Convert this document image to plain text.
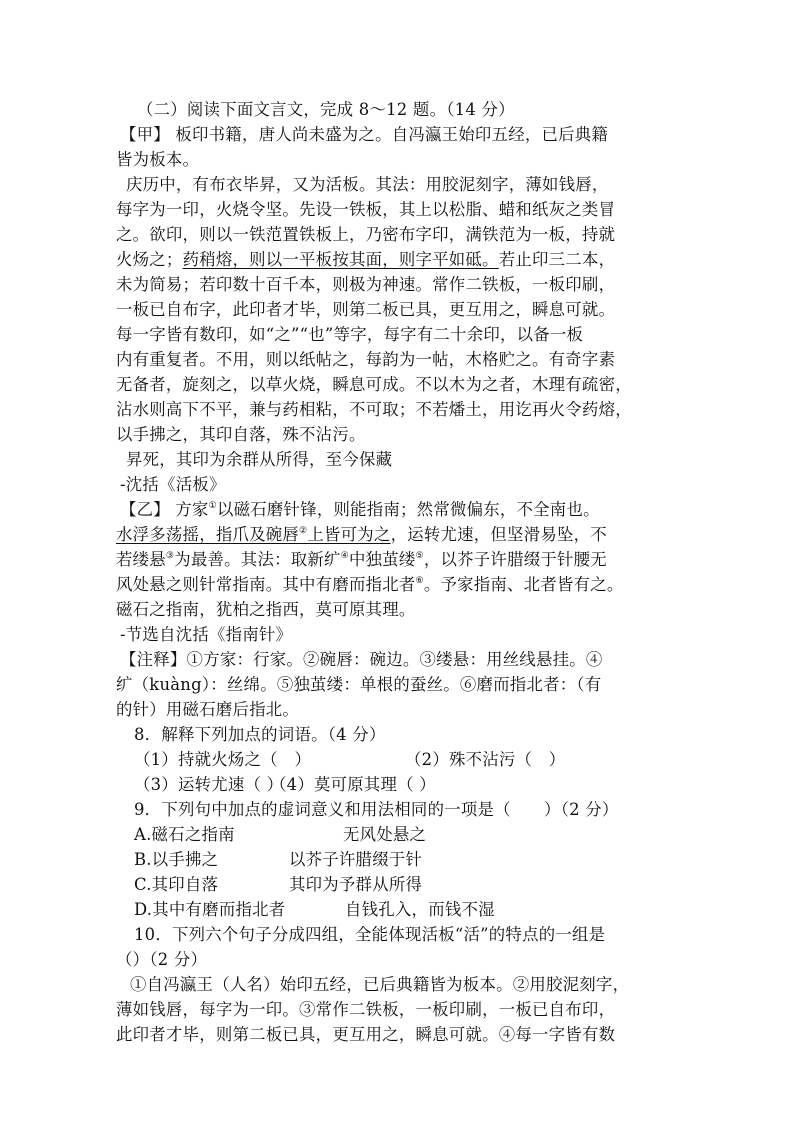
（二）阅读下面文言文，完成 8～12 题。（14 分）
【甲】 板印书籍，唐人尚未盛为之。自冯瀛王始印五经，已后典籍
皆为板本。
庆历中，有布衣毕昇，又为活板。其法：用胶泥刻字，薄如钱唇，
每字为一印，火烧令坚。先设一铁板，其上以松脂、蜡和纸灰之类冒
之。欲印，则以一铁范置铁板上，乃密布字印，满铁范为一板，持就
火炀之；药稍熔，则以一平板按其面，则字平如砥。若止印三二本，
未为简易；若印数十百千本，则极为神速。常作二铁板，一板印刷，
一板已自布字，此印者才毕，则第二板已具，更互用之，瞬息可就。
每一字皆有数印，如“之”“也”等字，每字有二十余印，以备一板
内有重复者。不用，则以纸帖之，每韵为一帖，木格贮之。有奇字素
无备者，旋刻之，以草火烧，瞬息可成。不以木为之者，木理有疏密，
沾水则高下不平，兼与药相粘，不可取；不若燔土，用讫再火令药熔，
以手拂之，其印自落，殊不沾污。
昇死，其印为余群从所得，至今保藏
-沈括《活板》
【乙】 方家①以磁石磨针锋，则能指南；然常微偏东，不全南也。
水浮多荡摇，指爪及碗唇②上皆可为之，运转尤速，但坚滑易坠，不
若缕悬③为最善。其法：取新纩④中独茧缕⑤，以芥子许腊缀于针腰无
风处悬之则针常指南。其中有磨而指北者⑥。予家指南、北者皆有之。
磁石之指南，犹柏之指西，莫可原其理。
-节选自沈括《指南针》
【注释】①方家：行家。②碗唇：碗边。③缕悬：用丝线悬挂。④
纩（kuàng）：丝绵。⑤独茧缕：单根的蚕丝。⑥磨而指北者：（有
的针）用磁石磨后指北。
8．解释下列加点的词语。（4 分）
（1）持就火炀之（　）	（2）殊不沾污（　）
（3）运转尤速（ ）
（4）莫可原其理（ ）
9．下列句中加点的虚词意义和用法相同的一项是（　　）（2 分）
A.磁石之指南	无风处悬之
B.以手拂之	以芥子许腊缀于针
C.其印自落	其印为予群从所得
D.其中有磨而指北者	自钱孔入，而钱不湿
10．下列六个句子分成四组，全能体现活板“活”的特点的一组是
（）（2 分）
①自冯瀛王（人名）始印五经，已后典籍皆为板本。②用胶泥刻字，
薄如钱唇，每字为一印。③常作二铁板，一板印刷，一板已自布印，
此印者才毕，则第二板已具，更互用之，瞬息可就。④每一字皆有数
